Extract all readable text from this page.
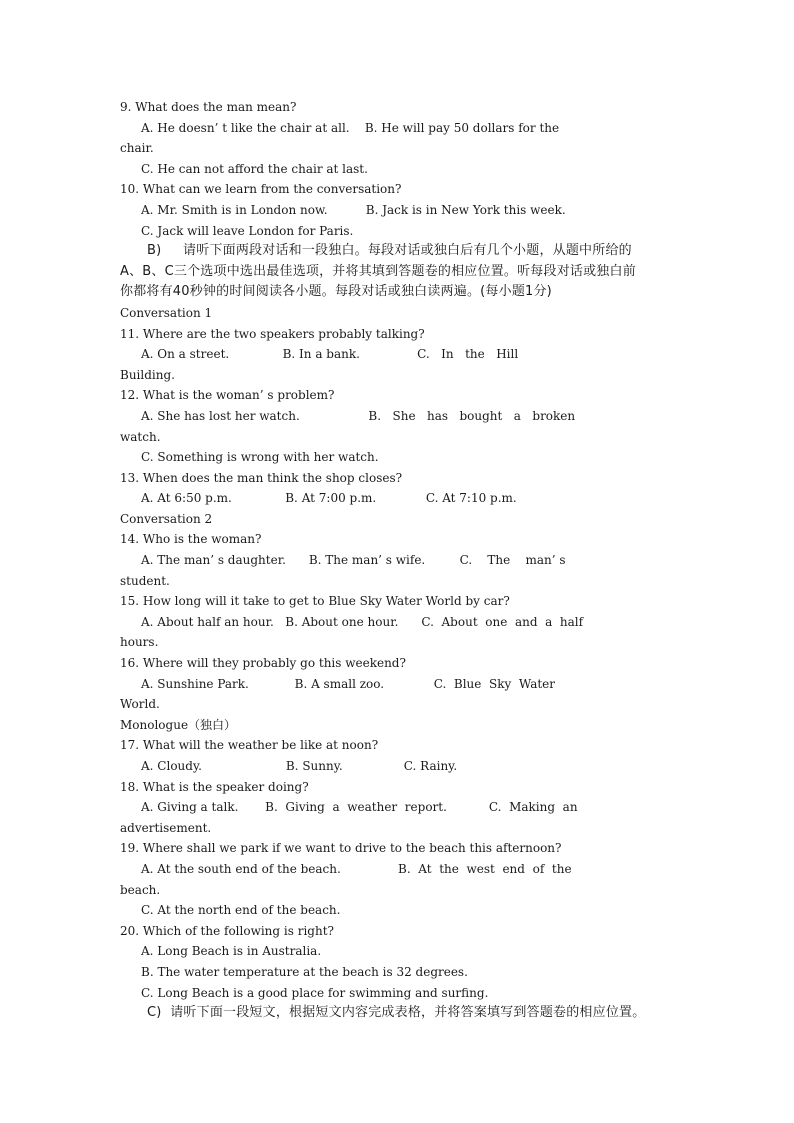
9. What does the man mean?
A. He doesn’ t like the chair at all.    B. He will pay 50 dollars for the
chair.
C. He can not afford the chair at last.
10. What can we learn from the conversation?
A. Mr. Smith is in London now.          B. Jack is in New York this week.
C. Jack will leave London for Paris.
B)     请听下面两段对话和一段独白。每段对话或独白后有几个小题，从题中所给的
A、B、C三个选项中选出最佳选项，并将其填到答题卷的相应位置。听每段对话或独白前
你都将有40秒钟的时间阅读各小题。每段对话或独白读两遍。(每小题1分)
Conversation 1
11. Where are the two speakers probably talking?
A. On a street.              B. In a bank.               C.   In   the   Hill
Building.
12. What is the woman’ s problem?
A. She has lost her watch.                  B.   She   has   bought   a   broken
watch.
C. Something is wrong with her watch.
13. When does the man think the shop closes?
A. At 6:50 p.m.              B. At 7:00 p.m.             C. At 7:10 p.m.
Conversation 2
14. Who is the woman?
A. The man’ s daughter.      B. The man’ s wife.         C.    The    man’ s
student.
15. How long will it take to get to Blue Sky Water World by car?
A. About half an hour.   B. About one hour.      C.  About  one  and  a  half
hours.
16. Where will they probably go this weekend?
A. Sunshine Park.            B. A small zoo.             C.  Blue  Sky  Water
World.
Monologue（独白）
17. What will the weather be like at noon?
A. Cloudy.                      B. Sunny.                C. Rainy.
18. What is the speaker doing?
A. Giving a talk.       B.  Giving  a  weather  report.           C.  Making  an
advertisement.
19. Where shall we park if we want to drive to the beach this afternoon?
A. At the south end of the beach.               B.  At  the  west  end  of  the
beach.
C. At the north end of the beach.
20. Which of the following is right?
A. Long Beach is in Australia.
B. The water temperature at the beach is 32 degrees.
C. Long Beach is a good place for swimming and surfing.
C)  请听下面一段短文，根据短文内容完成表格，并将答案填写到答题卷的相应位置。
